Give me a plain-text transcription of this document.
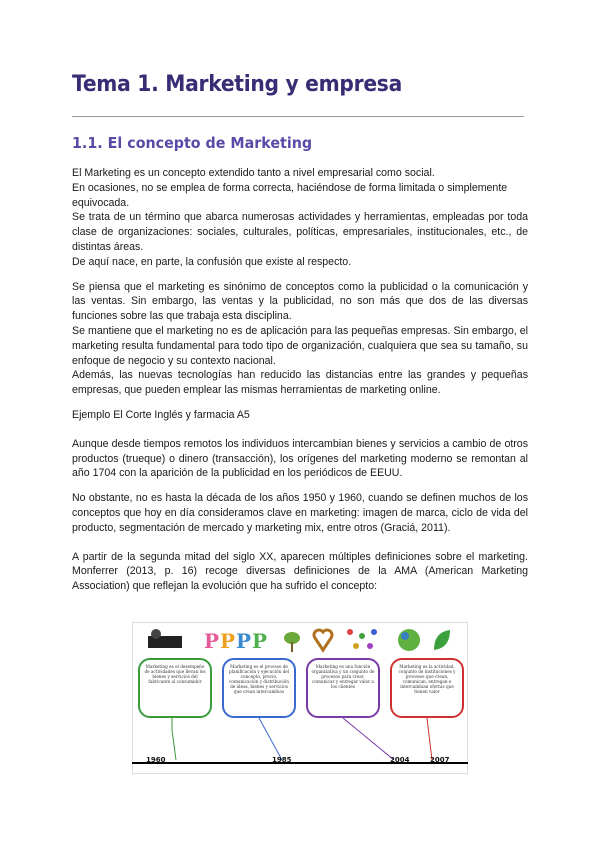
Tema 1. Marketing y empresa
1.1. El concepto de Marketing

El Marketing es un concepto extendido tanto a nivel empresarial como social.

En ocasiones, no se emplea de forma correcta, haciéndose de forma limitada o simplemente equivocada.

Se trata de un término que abarca numerosas actividades y herramientas, empleadas por toda clase de organizaciones: sociales, culturales, políticas, empresariales, institucionales, etc., de distintas áreas.

De aquí nace, en parte, la confusión que existe al respecto.

Se piensa que el marketing es sinónimo de conceptos como la publicidad o la comunicación y las ventas. Sin embargo, las ventas y la publicidad, no son más que dos de las diversas funciones sobre las que trabaja esta disciplina.

Se mantiene que el marketing no es de aplicación para las pequeñas empresas. Sin embargo, el marketing resulta fundamental para todo tipo de organización, cualquiera que sea su tamaño, su enfoque de negocio y su contexto nacional.

Además, las nuevas tecnologías han reducido las distancias entre las grandes y pequeñas empresas, que pueden emplear las mismas herramientas de marketing online.

Ejemplo El Corte Inglés y farmacia A5

Aunque desde tiempos remotos los individuos intercambian bienes y servicios a cambio de otros productos (trueque) o dinero (transacción), los orígenes del marketing moderno se remontan al año 1704 con la aparición de la publicidad en los periódicos de EEUU.

No obstante, no es hasta la década de los años 1950 y 1960, cuando se definen muchos de los conceptos que hoy en día consideramos clave en marketing: imagen de marca, ciclo de vida del producto, segmentación de mercado y marketing mix, entre otros (Graciá, 2011).

A partir de la segunda mitad del siglo XX, aparecen múltiples definiciones sobre el marketing. Monferrer (2013, p. 16) recoge diversas definiciones de la AMA (American Marketing Association) que reflejan la evolución que ha sufrido el concepto:

P P P P
Marketing es el desempeño de actividades que llevan los bienes y servicios del fabricante al consumidor
Marketing es el proceso de planificación y ejecución del concepto, precio, comunicación y distribución de ideas, bienes y servicios que crean intercambios
Marketing es una función organizativa y un conjunto de procesos para crear, comunicar y entregar valor a los clientes
Marketing es la actividad, conjunto de instituciones y procesos que crean, comunican, entregan e intercambian ofertas que tienen valor
1960	1985	2004	2007
